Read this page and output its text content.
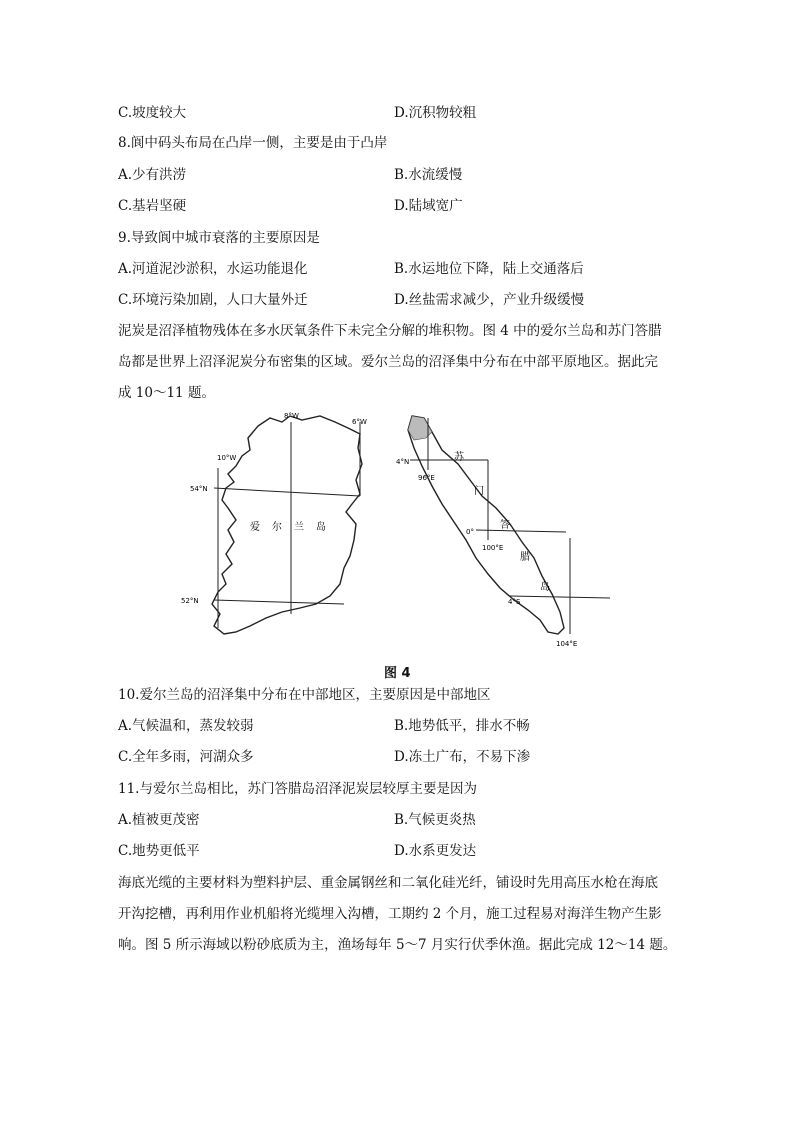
C.坡度较大	D.沉积物较粗
8.阆中码头布局在凸岸一侧，主要是由于凸岸
A.少有洪涝	B.水流缓慢
C.基岩坚硬	D.陆域宽广
9.导致阆中城市衰落的主要原因是
A.河道泥沙淤积，水运功能退化	B.水运地位下降，陆上交通落后
C.环境污染加剧，人口大量外迁	D.丝盐需求减少，产业升级缓慢
泥炭是沼泽植物残体在多水厌氧条件下未完全分解的堆积物。图 4 中的爱尔兰岛和苏门答腊
岛都是世界上沼泽泥炭分布密集的区域。爱尔兰岛的沼泽集中分布在中部平原地区。据此完
成 10～11 题。
8°W
6°W
10°W
54°N
52°N
爱 尔 兰 岛
4°N
96°E
0°
100°E
4°S
104°E
苏
门
答
腊
岛
图 4
10.爱尔兰岛的沼泽集中分布在中部地区，主要原因是中部地区
A.气候温和，蒸发较弱	B.地势低平，排水不畅
C.全年多雨，河湖众多	D.冻土广布，不易下渗
11.与爱尔兰岛相比，苏门答腊岛沼泽泥炭层较厚主要是因为
A.植被更茂密	B.气候更炎热
C.地势更低平	D.水系更发达
海底光缆的主要材料为塑料护层、重金属钢丝和二氧化硅光纤，铺设时先用高压水枪在海底
开沟挖槽，再利用作业机船将光缆埋入沟槽，工期约 2 个月，施工过程易对海洋生物产生影
响。图 5 所示海域以粉砂底质为主，渔场每年 5～7 月实行伏季休渔。据此完成 12～14 题。
